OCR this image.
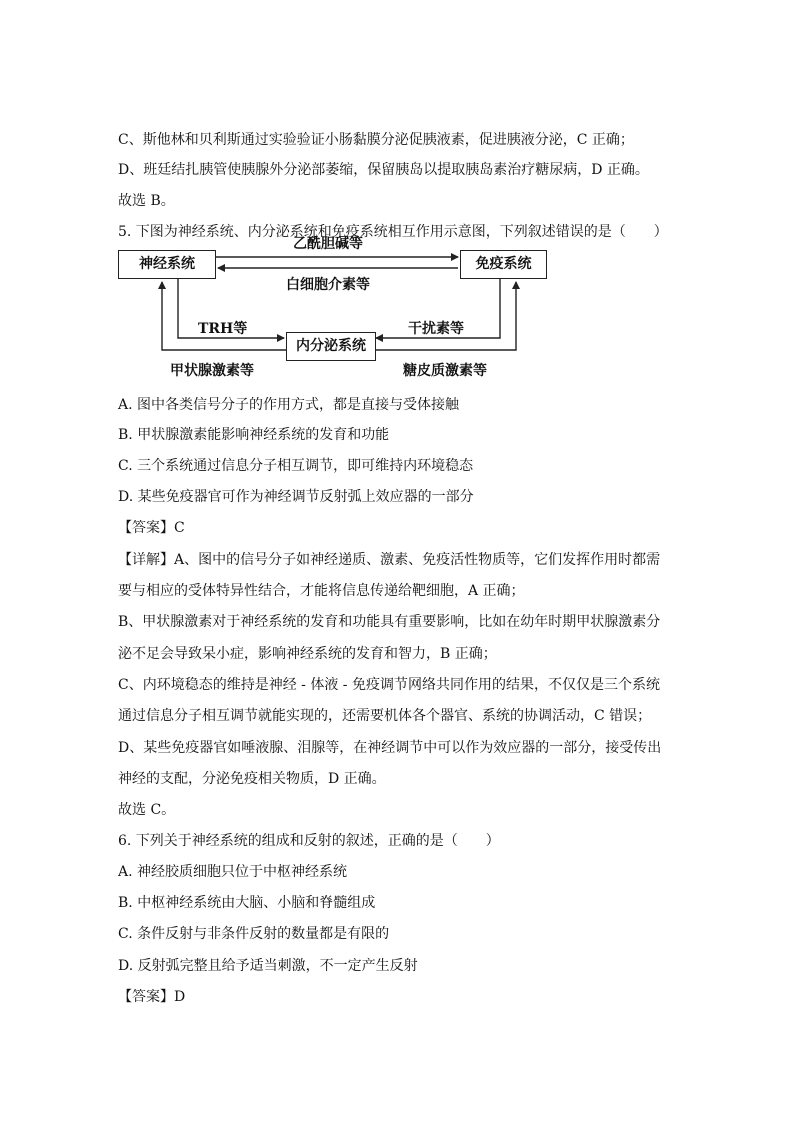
C、斯他林和贝利斯通过实验验证小肠黏膜分泌促胰液素，促进胰液分泌，C 正确；
D、班廷结扎胰管使胰腺外分泌部萎缩，保留胰岛以提取胰岛素治疗糖尿病，D 正确。
故选 B。
5. 下图为神经系统、内分泌系统和免疫系统相互作用示意图，下列叙述错误的是（　　）
神经系统	免疫系统
内分泌系统
乙酰胆碱等
白细胞介素等
TRH等
甲状腺激素等
干扰素等
糖皮质激素等
A. 图中各类信号分子的作用方式，都是直接与受体接触
B. 甲状腺激素能影响神经系统的发育和功能
C. 三个系统通过信息分子相互调节，即可维持内环境稳态
D. 某些免疫器官可作为神经调节反射弧上效应器的一部分
【答案】C
【详解】A、图中的信号分子如神经递质、激素、免疫活性物质等，它们发挥作用时都需
要与相应的受体特异性结合，才能将信息传递给靶细胞，A 正确；
B、甲状腺激素对于神经系统的发育和功能具有重要影响，比如在幼年时期甲状腺激素分
泌不足会导致呆小症，影响神经系统的发育和智力，B 正确；
C、内环境稳态的维持是神经 - 体液 - 免疫调节网络共同作用的结果，不仅仅是三个系统
通过信息分子相互调节就能实现的，还需要机体各个器官、系统的协调活动，C 错误；
D、某些免疫器官如唾液腺、泪腺等，在神经调节中可以作为效应器的一部分，接受传出
神经的支配，分泌免疫相关物质，D 正确。
故选 C。
6. 下列关于神经系统的组成和反射的叙述，正确的是（　　）
A. 神经胶质细胞只位于中枢神经系统
B. 中枢神经系统由大脑、小脑和脊髓组成
C. 条件反射与非条件反射的数量都是有限的
D. 反射弧完整且给予适当刺激，不一定产生反射
【答案】D
